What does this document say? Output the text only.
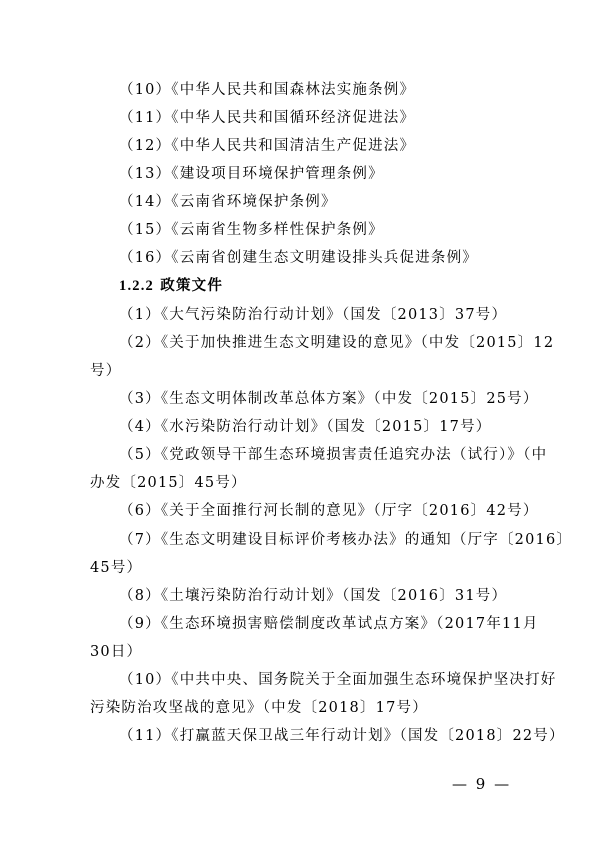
（10）《中华人民共和国森林法实施条例》
（11）《中华人民共和国循环经济促进法》
（12）《中华人民共和国清洁生产促进法》
（13）《建设项目环境保护管理条例》
（14）《云南省环境保护条例》
（15）《云南省生物多样性保护条例》
（16）《云南省创建生态文明建设排头兵促进条例》
1.2.2 政策文件
（1）《大气污染防治行动计划》（国发〔2013〕37号）
（2）《关于加快推进生态文明建设的意见》（中发〔2015〕12
号）
（3）《生态文明体制改革总体方案》（中发〔2015〕25号）
（4）《水污染防治行动计划》（国发〔2015〕17号）
（5）《党政领导干部生态环境损害责任追究办法（试行）》（中
办发〔2015〕45号）
（6）《关于全面推行河长制的意见》（厅字〔2016〕42号）
（7）《生态文明建设目标评价考核办法》的通知（厅字〔2016〕
45号）
（8）《土壤污染防治行动计划》（国发〔2016〕31号）
（9）《生态环境损害赔偿制度改革试点方案》（2017年11月
30日）
（10）《中共中央、国务院关于全面加强生态环境保护坚决打好
污染防治攻坚战的意见》（中发〔2018〕17号）
（11）《打赢蓝天保卫战三年行动计划》（国发〔2018〕22号）
— 9 —
